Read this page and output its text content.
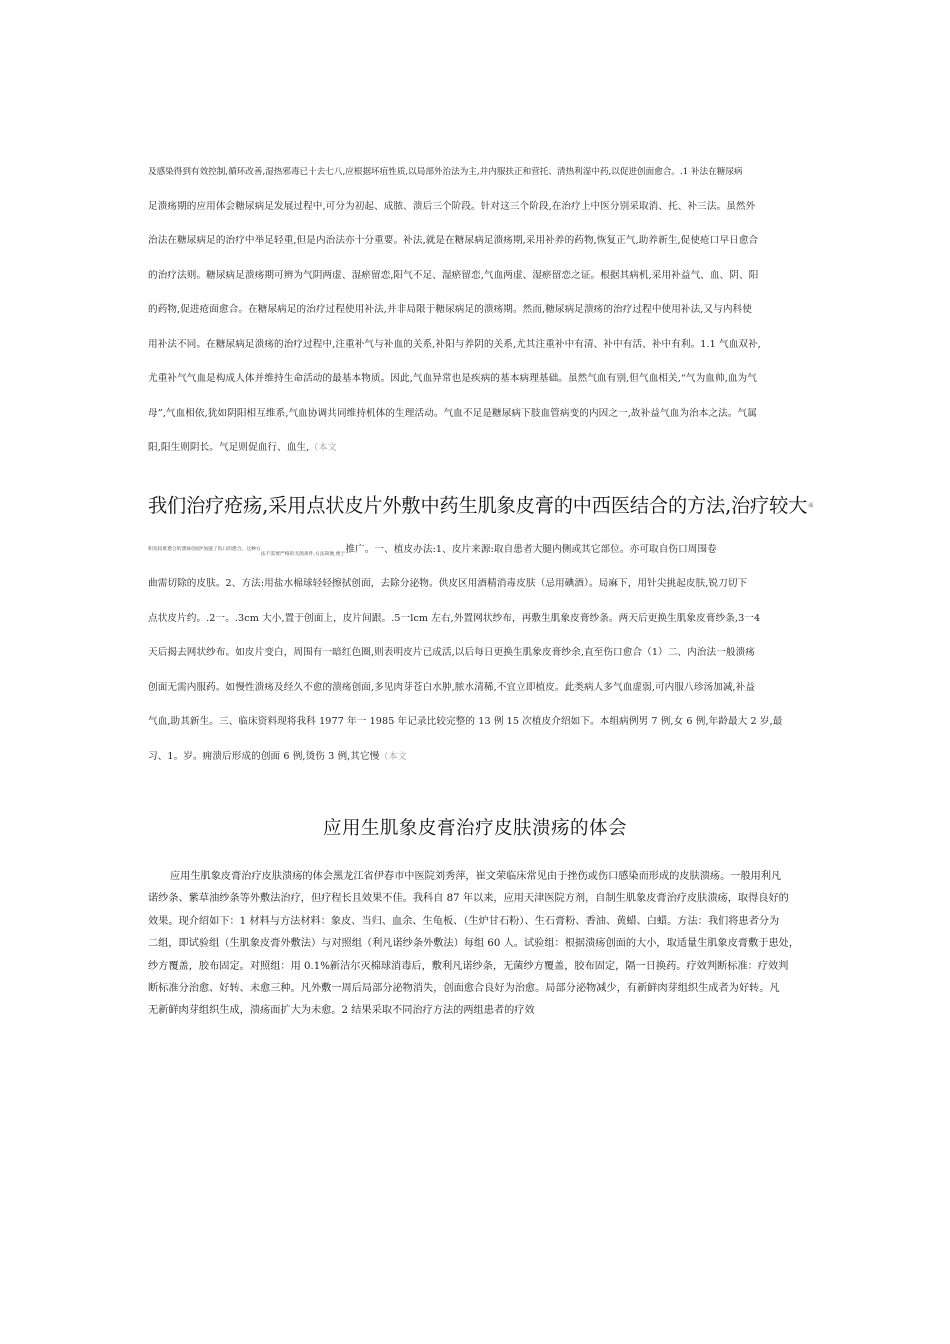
及感染得到有效控制,循环改善,湿热邪毒已十去七八,应根据坏疽性质,以局部外治法为主,并内服扶正和营托、清热利湿中药,以促进创面愈合。.1 补法在糖尿病

足溃疡期的应用体会糖尿病足发展过程中,可分为初起、成脓、溃后三个阶段。针对这三个阶段,在治疗上中医分别采取消、托、补三法。虽然外

治法在糖尿病足的治疗中举足轻重,但是内治法亦十分重要。补法,就是在糖尿病足溃疡期,采用补养的药物,恢复正气,助养新生,促使疮口早日愈合

的治疗法则。糖尿病足溃疡期可辨为气阴两虚、湿瘀留恋,阳气不足、湿瘀留恋,气血两虚、湿瘀留恋之证。根据其病机,采用补益气、血、阴、阳

的药物,促进疮面愈合。在糖尿病足的治疗过程使用补法,并非局限于糖尿病足的溃疡期。然而,糖尿病足溃疡的治疗过程中使用补法,又与内科使

用补法不同。在糖尿病足溃疡的治疗过程中,注重补气与补血的关系,补阳与养阴的关系,尤其注重补中有清、补中有活、补中有利。1.1 气血双补,

尤重补气气血是构成人体并维持生命活动的最基本物质。因此,气血异常也是疾病的基本病理基础。虽然气血有别,但气血相关,“气为血帅,血为气

母”,气血相依,犹如阴阳相互维系,气血协调共同维持机体的生理活动。气血不足是糖尿病下肢血管病变的内因之一,故补益气血为治本之法。气属

阳,阳生则阴长。气足则促血行、血生,（本文

我们治疗疮疡,采用点状皮片外敷中药生肌象皮膏的中西医结合的方法,治疗较大$^面$

$^{积及较难愈合的溃疡创面*加速了伤口的愈合。这种方}_{法不需要严格的无菌条件,方法简便,便于}$推广。一、植皮办法:1、皮片来源:取自患者大腿内侧或其它部位。亦可取自伤口周围卷

曲需切除的皮肤。2、方法:用盐水棉球轻轻擦拭创面，去除分泌物。供皮区用酒精消毒皮肤（忌用碘酒）。局麻下，用针尖挑起皮肤,锐刀切下

点状皮片约。.2一。.3cm 大小,置于创面上，皮片间跟。.5一lcm 左右,外置网状纱布，再敷生肌象皮膏纱条。两天后更换生肌象皮膏纱条,3一4

天后揭去网状纱布。如皮片变白，周围有一暗红色圈,则表明皮片已成活,以后每日更换生肌象皮膏纱余,直至伤口愈合（1）二、内治法一般溃疡

创面无需内服药。如慢性溃疡及经久不愈的溃疡创面,多见肉芽苍白水肿,脓水清稀,不宜立即植皮。此类病人多气血虚弱,可内服八珍汤加减,补益

气血,助其新生。三、临床资料现将我科 1977 年一 1985 年记录比较完整的 13 例 15 次植皮介绍如下。本组病例男 7 例,女 6 例,年龄最大 2 岁,最

习、1。岁。痈溃后形成的创面 6 例,烫伤 3 例,其它慢（本文

应用生肌象皮膏治疗皮肤溃疡的体会

应用生肌象皮膏治疗皮肤溃疡的体会黑龙江省伊春市中医院刘秀萍，崔文荣临床常见由于挫伤或伤口感染而形成的皮肤溃疡。一般用利凡

诺纱条、紫草油纱条等外敷法治疗，但疗程长且效果不佳。我科自 87 年以来，应用天津医院方剂，自制生肌象皮膏治疗皮肤溃疡，取得良好的

效果。现介绍如下：1 材料与方法材料：象皮、当归、血余、生龟板、（生炉甘石粉）、生石膏粉、香油、黄蜡、白蜡。方法：我们将患者分为

二组，即试验组（生肌象皮膏外敷法）与对照组（利凡诺纱条外敷法）每组 60 人。试验组：根据溃疡创面的大小，取适量生肌象皮膏敷于患处，

纱方覆盖，胶布固定。对照组：用 0.1%新洁尔灭棉球消毒后，敷利凡诺纱条，无菌纱方覆盖，胶布固定，隔一日换药。疗效判断标准：疗效判

断标准分治愈、好转、未愈三种。凡外敷一周后局部分泌物消失，创面愈合良好为治愈。局部分泌物减少，有新鲜肉芽组织生成者为好转。凡

无新鲜肉芽组织生成，溃疡面扩大为未愈。2 结果采取不同治疗方法的两组患者的疗效
